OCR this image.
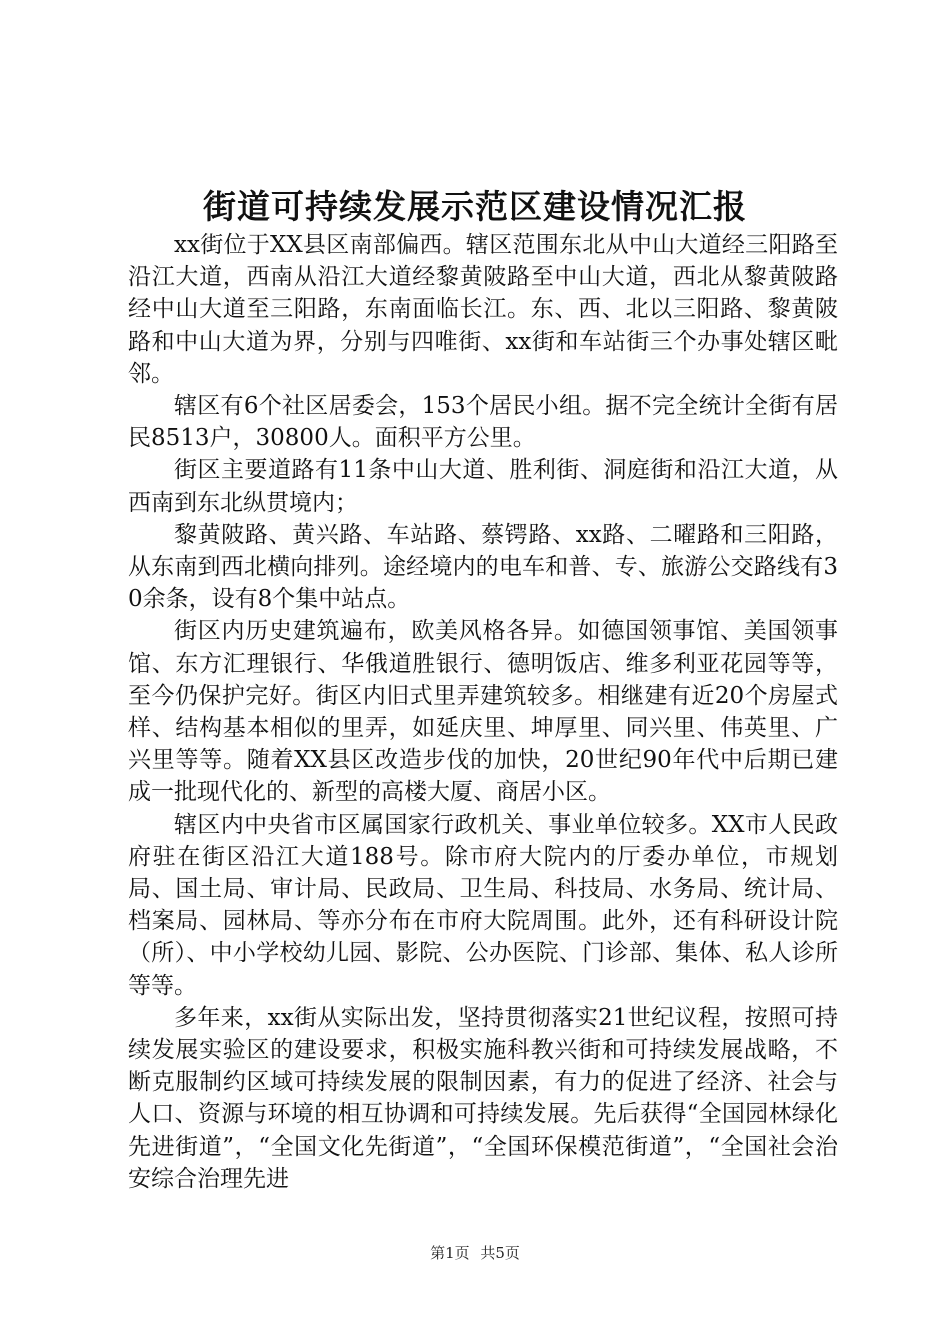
街道可持续发展示范区建设情况汇报

xx街位于XX县区南部偏西。辖区范围东北从中山大道经三阳路至沿江大道，西南从沿江大道经黎黄陂路至中山大道，西北从黎黄陂路经中山大道至三阳路，东南面临长江。东、西、北以三阳路、黎黄陂路和中山大道为界，分别与四唯街、xx街和车站街三个办事处辖区毗邻。

辖区有6个社区居委会，153个居民小组。据不完全统计全街有居民8513户，30800人。面积平方公里。

街区主要道路有11条中山大道、胜利街、洞庭街和沿江大道，从西南到东北纵贯境内；

黎黄陂路、黄兴路、车站路、蔡锷路、xx路、二曜路和三阳路，从东南到西北横向排列。途经境内的电车和普、专、旅游公交路线有30余条，设有8个集中站点。

街区内历史建筑遍布，欧美风格各异。如德国领事馆、美国领事馆、东方汇理银行、华俄道胜银行、德明饭店、维多利亚花园等等，至今仍保护完好。街区内旧式里弄建筑较多。相继建有近20个房屋式样、结构基本相似的里弄，如延庆里、坤厚里、同兴里、伟英里、广兴里等等。随着XX县区改造步伐的加快，20世纪90年代中后期已建成一批现代化的、新型的高楼大厦、商居小区。

辖区内中央省市区属国家行政机关、事业单位较多。XX市人民政府驻在街区沿江大道188号。除市府大院内的厅委办单位，市规划局、国土局、审计局、民政局、卫生局、科技局、水务局、统计局、档案局、园林局、等亦分布在市府大院周围。此外，还有科研设计院（所）、中小学校幼儿园、影院、公办医院、门诊部、集体、私人诊所等等。

多年来，xx街从实际出发，坚持贯彻落实21世纪议程，按照可持续发展实验区的建设要求，积极实施科教兴街和可持续发展战略，不断克服制约区域可持续发展的限制因素，有力的促进了经济、社会与人口、资源与环境的相互协调和可持续发展。先后获得“全国园林绿化先进街道”，“全国文化先街道”，“全国环保模范街道”，“全国社会治安综合治理先进

第1页 共5页
